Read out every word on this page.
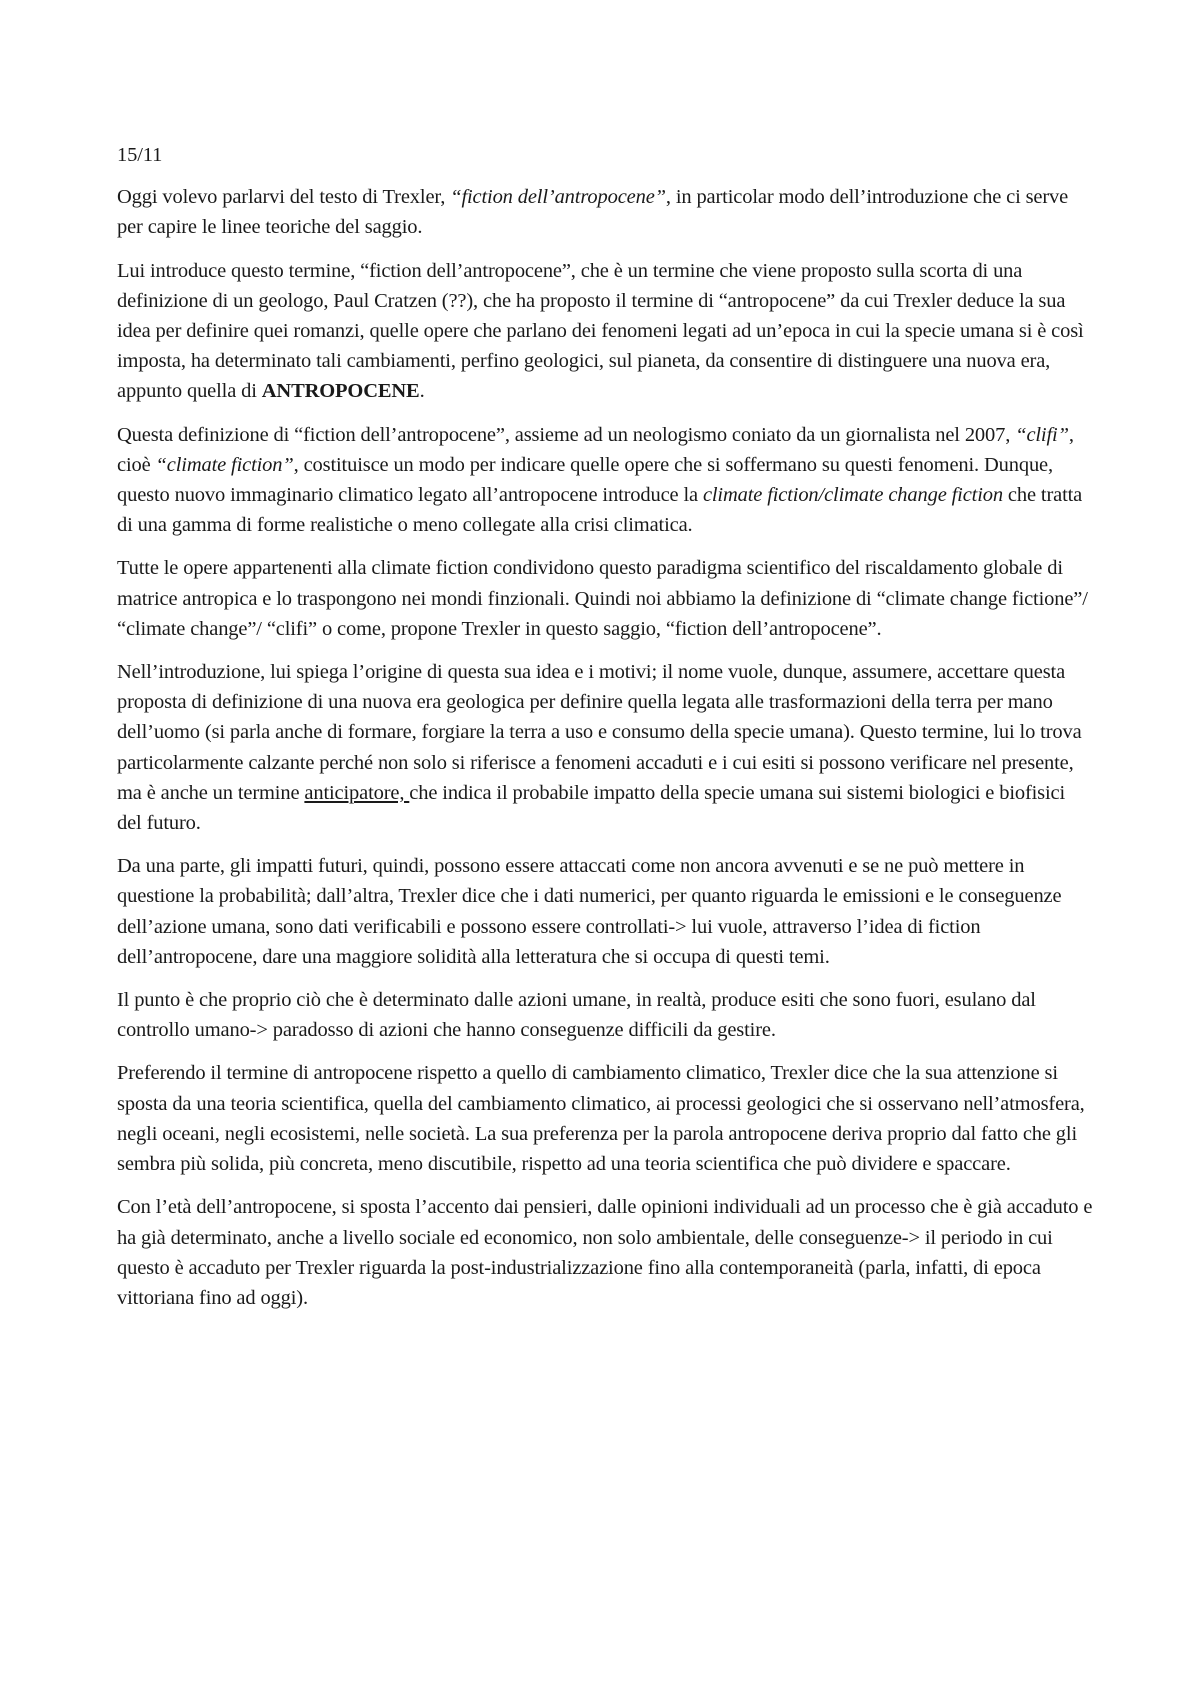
15/11

Oggi volevo parlarvi del testo di Trexler, “fiction dell’antropocene”, in particolar modo dell’introduzione che ci serve per capire le linee teoriche del saggio.

Lui introduce questo termine, “fiction dell’antropocene”, che è un termine che viene proposto sulla scorta di una definizione di un geologo, Paul Cratzen (??), che ha proposto il termine di “antropocene” da cui Trexler deduce la sua idea per definire quei romanzi, quelle opere che parlano dei fenomeni legati ad un’epoca in cui la specie umana si è così imposta, ha determinato tali cambiamenti, perfino geologici, sul pianeta, da consentire di distinguere una nuova era, appunto quella di ANTROPOCENE.

Questa definizione di “fiction dell’antropocene”, assieme ad un neologismo coniato da un giornalista nel 2007, “clifi”, cioè “climate fiction”, costituisce un modo per indicare quelle opere che si soffermano su questi fenomeni. Dunque, questo nuovo immaginario climatico legato all’antropocene introduce la climate fiction/climate change fiction che tratta di una gamma di forme realistiche o meno collegate alla crisi climatica.

Tutte le opere appartenenti alla climate fiction condividono questo paradigma scientifico del riscaldamento globale di matrice antropica e lo traspongono nei mondi finzionali. Quindi noi abbiamo la definizione di “climate change fictione”/ “climate change”/ “clifi” o come, propone Trexler in questo saggio, “fiction dell’antropocene”.

Nell’introduzione, lui spiega l’origine di questa sua idea e i motivi; il nome vuole, dunque, assumere, accettare questa proposta di definizione di una nuova era geologica per definire quella legata alle trasformazioni della terra per mano dell’uomo (si parla anche di formare, forgiare la terra a uso e consumo della specie umana). Questo termine, lui lo trova particolarmente calzante perché non solo si riferisce a fenomeni accaduti e i cui esiti si possono verificare nel presente, ma è anche un termine anticipatore, che indica il probabile impatto della specie umana sui sistemi biologici e biofisici del futuro.

Da una parte, gli impatti futuri, quindi, possono essere attaccati come non ancora avvenuti e se ne può mettere in questione la probabilità; dall’altra, Trexler dice che i dati numerici, per quanto riguarda le emissioni e le conseguenze dell’azione umana, sono dati verificabili e possono essere controllati-> lui vuole, attraverso l’idea di fiction dell’antropocene, dare una maggiore solidità alla letteratura che si occupa di questi temi.

Il punto è che proprio ciò che è determinato dalle azioni umane, in realtà, produce esiti che sono fuori, esulano dal controllo umano-> paradosso di azioni che hanno conseguenze difficili da gestire.

Preferendo il termine di antropocene rispetto a quello di cambiamento climatico, Trexler dice che la sua attenzione si sposta da una teoria scientifica, quella del cambiamento climatico, ai processi geologici che si osservano nell’atmosfera, negli oceani, negli ecosistemi, nelle società. La sua preferenza per la parola antropocene deriva proprio dal fatto che gli sembra più solida, più concreta, meno discutibile, rispetto ad una teoria scientifica che può dividere e spaccare.

Con l’età dell’antropocene, si sposta l’accento dai pensieri, dalle opinioni individuali ad un processo che è già accaduto e ha già determinato, anche a livello sociale ed economico, non solo ambientale, delle conseguenze-> il periodo in cui questo è accaduto per Trexler riguarda la post-industrializzazione fino alla contemporaneità (parla, infatti, di epoca vittoriana fino ad oggi).
